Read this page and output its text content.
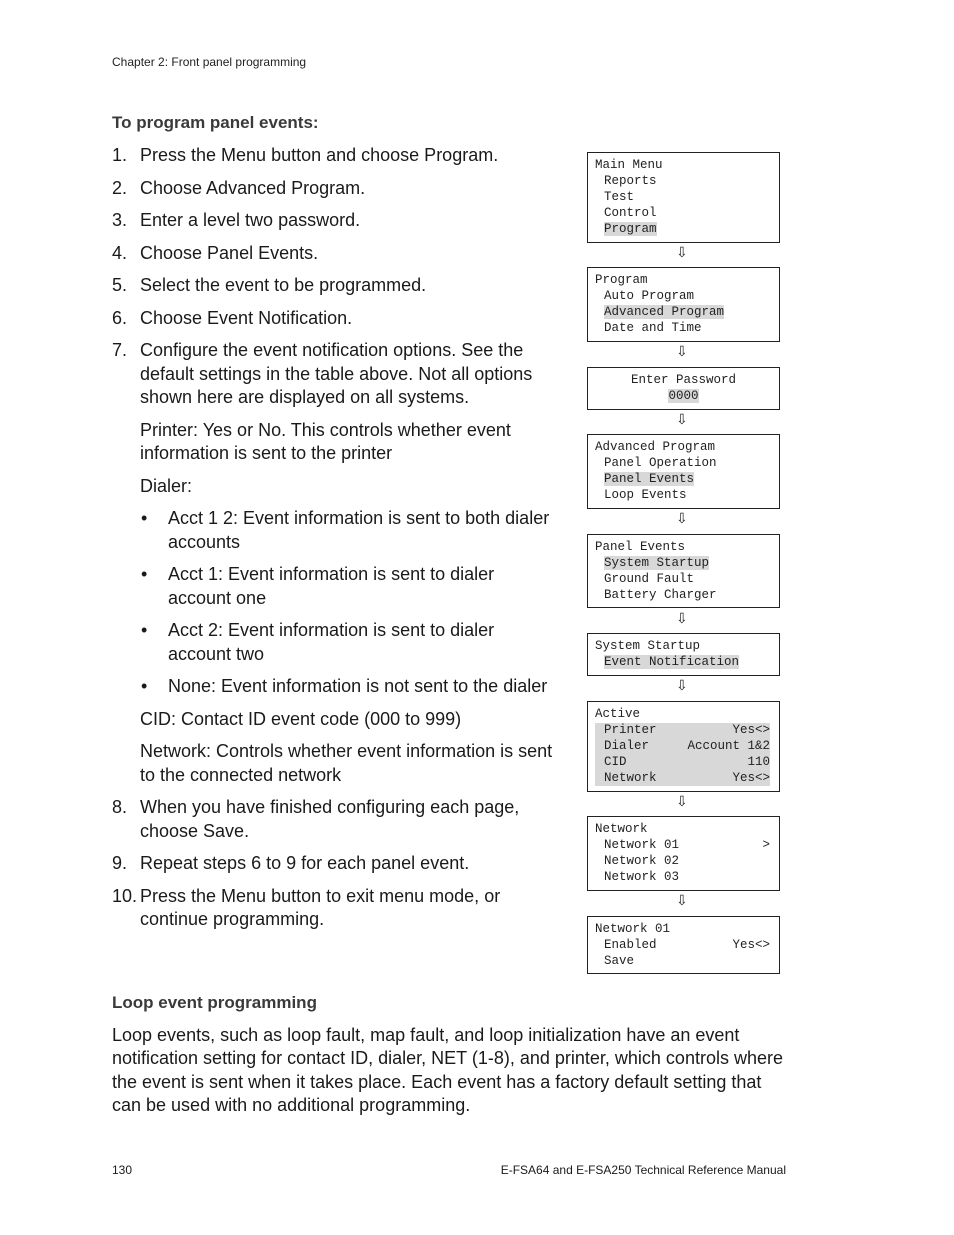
Chapter 2: Front panel programming
To program panel events:
1. Press the Menu button and choose Program.
2. Choose Advanced Program.
3. Enter a level two password.
4. Choose Panel Events.
5. Select the event to be programmed.
6. Choose Event Notification.
7. Configure the event notification options. See the default settings in the table above. Not all options shown here are displayed on all systems.
Printer: Yes or No. This controls whether event information is sent to the printer
Dialer:
• Acct 1 2: Event information is sent to both dialer accounts
• Acct 1: Event information is sent to dialer account one
• Acct 2: Event information is sent to dialer account two
• None: Event information is not sent to the dialer
CID: Contact ID event code (000 to 999)
Network: Controls whether event information is sent to the connected network
8. When you have finished configuring each page, choose Save.
9. Repeat steps 6 to 9 for each panel event.
10. Press the Menu button to exit menu mode, or continue programming.
Main Menu
Reports
Test
Control
Program
⇩
Program
Auto Program
Advanced Program
Date and Time
⇩
Enter Password
0000
⇩
Advanced Program
Panel Operation
Panel Events
Loop Events
⇩
Panel Events
System Startup
Ground Fault
Battery Charger
⇩
System Startup
Event Notification
⇩
Active
Printer	Yes<>
Dialer	Account 1&2
CID	110
Network	Yes<>
⇩
Network
Network 01	>
Network 02
Network 03
⇩
Network 01
Enabled	Yes<>
Save
Loop event programming
Loop events, such as loop fault, map fault, and loop initialization have an event notification setting for contact ID, dialer, NET (1-8), and printer, which controls where the event is sent when it takes place. Each event has a factory default setting that can be used with no additional programming.
130	E-FSA64 and E-FSA250 Technical Reference Manual
